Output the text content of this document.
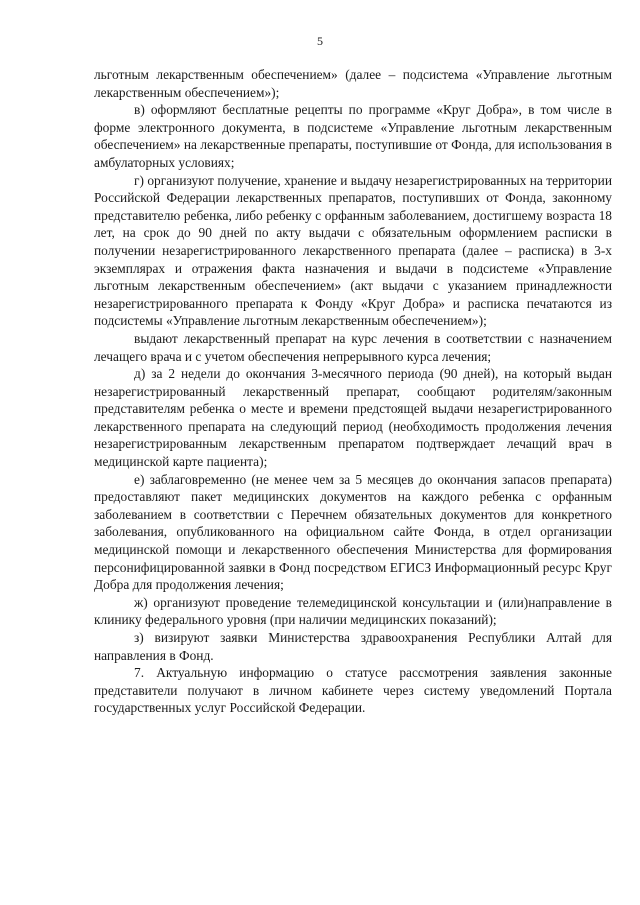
5

льготным лекарственным обеспечением» (далее – подсистема «Управление льготным лекарственным обеспечением»);

в) оформляют бесплатные рецепты по программе «Круг Добра», в том числе в форме электронного документа, в подсистеме «Управление льготным лекарственным обеспечением» на лекарственные препараты, поступившие от Фонда, для использования в амбулаторных условиях;

г) организуют получение, хранение и выдачу незарегистрированных на территории Российской Федерации лекарственных препаратов, поступивших от Фонда, законному представителю ребенка, либо ребенку с орфанным заболеванием, достигшему возраста 18 лет, на срок до 90 дней по акту выдачи с обязательным оформлением расписки в получении незарегистрированного лекарственного препарата (далее – расписка) в 3-х экземплярах и отражения факта назначения и выдачи в подсистеме «Управление льготным лекарственным обеспечением» (акт выдачи с указанием принадлежности незарегистрированного препарата к Фонду «Круг Добра» и расписка печатаются из подсистемы «Управление льготным лекарственным обеспечением»);

выдают лекарственный препарат на курс лечения в соответствии с назначением лечащего врача и с учетом обеспечения непрерывного курса лечения;

д) за 2 недели до окончания 3-месячного периода (90 дней), на который выдан незарегистрированный лекарственный препарат, сообщают родителям/законным представителям ребенка о месте и времени предстоящей выдачи незарегистрированного лекарственного препарата на следующий период (необходимость продолжения лечения незарегистрированным лекарственным препаратом подтверждает лечащий врач в медицинской карте пациента);

е) заблаговременно (не менее чем за 5 месяцев до окончания запасов препарата) предоставляют пакет медицинских документов на каждого ребенка с орфанным заболеванием в соответствии с Перечнем обязательных документов для конкретного заболевания, опубликованного на официальном сайте Фонда, в отдел организации медицинской помощи и лекарственного обеспечения Министерства для формирования персонифицированной заявки в Фонд посредством ЕГИСЗ Информационный ресурс Круг Добра для продолжения лечения;

ж) организуют проведение телемедицинской консультации и (или)направление в клинику федерального уровня (при наличии медицинских показаний);

з) визируют заявки Министерства здравоохранения Республики Алтай для направления в Фонд.

7. Актуальную информацию о статусе рассмотрения заявления законные представители получают в личном кабинете через систему уведомлений Портала государственных услуг Российской Федерации.
